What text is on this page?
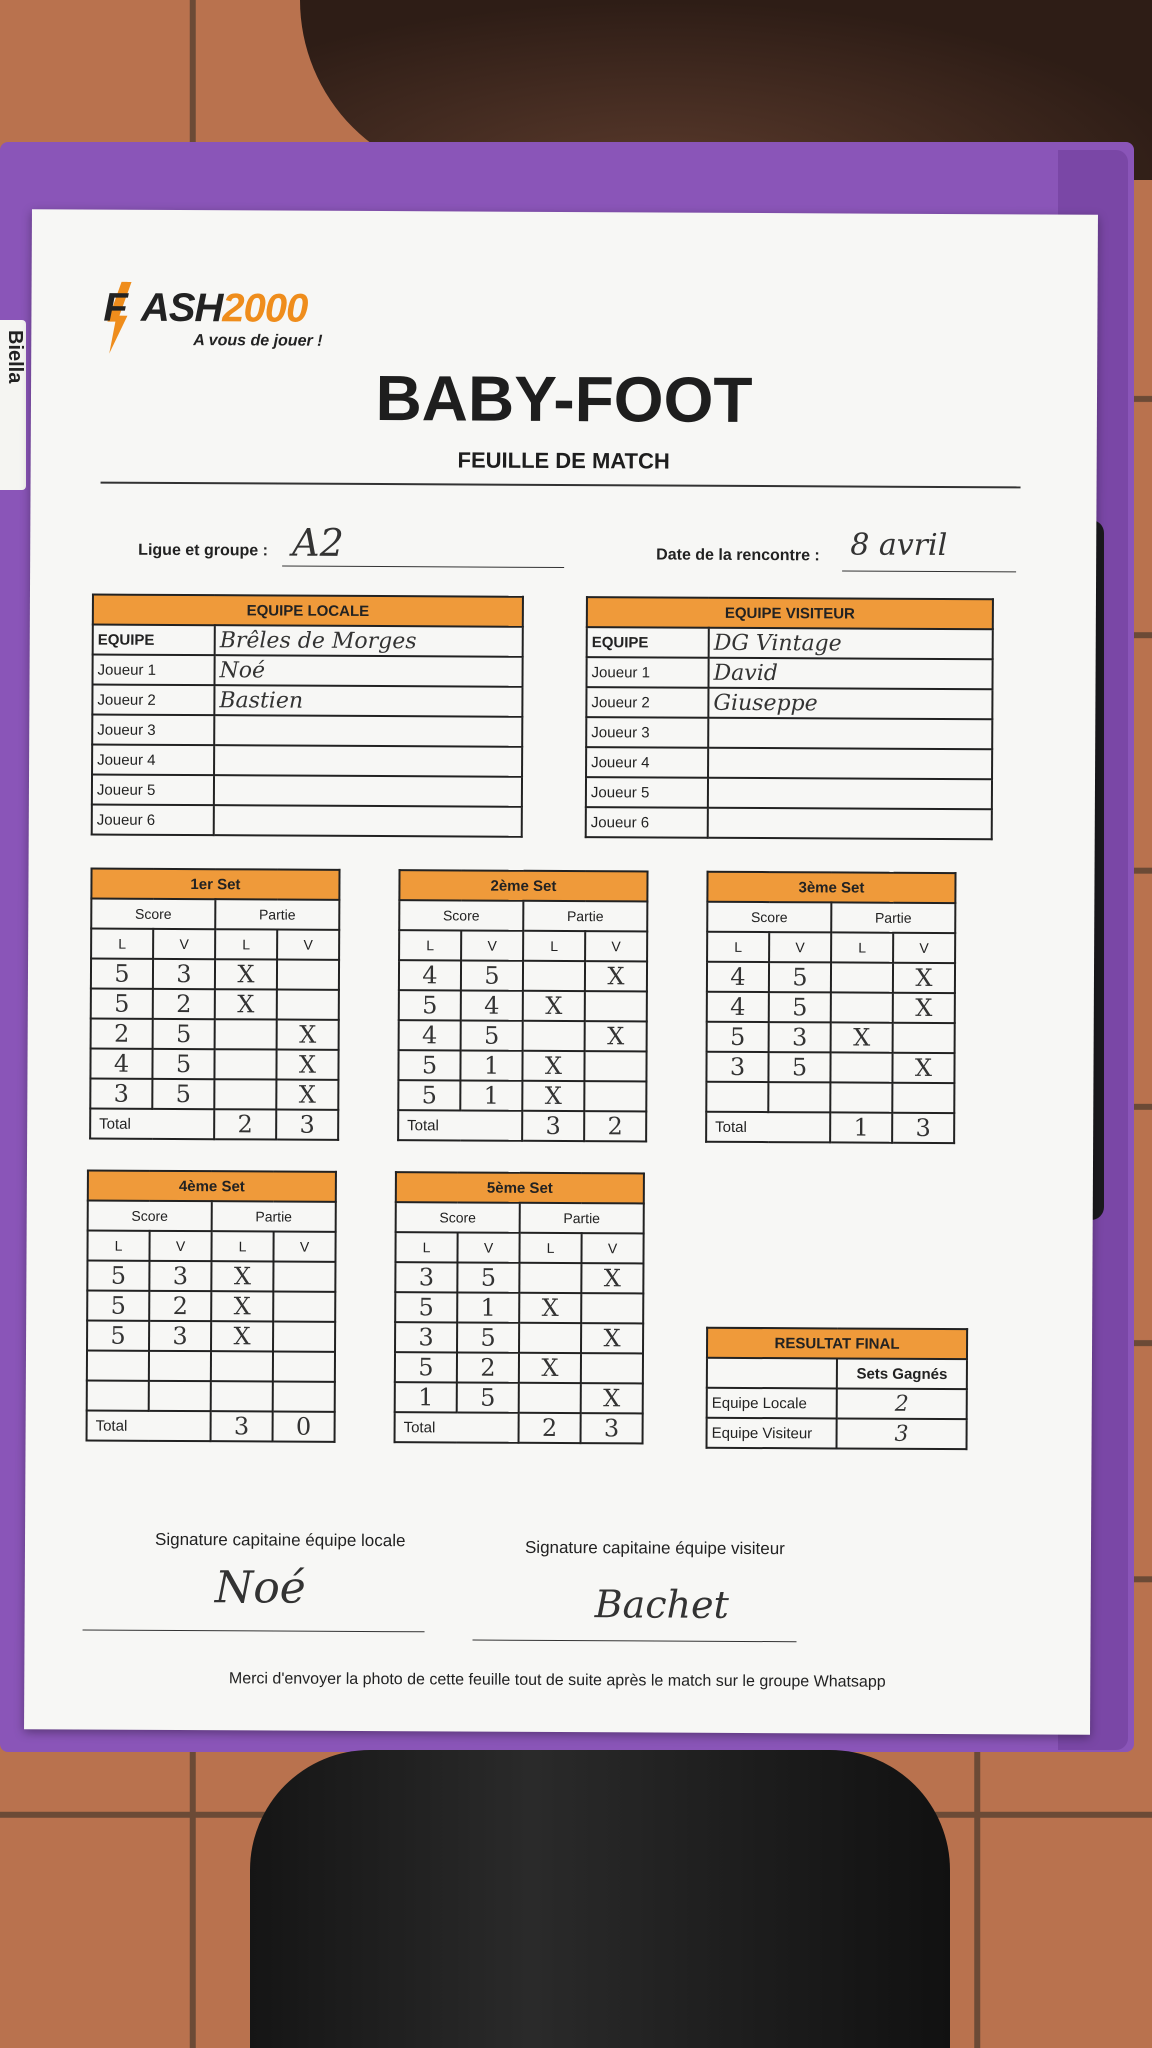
Biella
F ASH2000
A vous de jouer !
BABY-FOOT
FEUILLE DE MATCH
Ligue et groupe : A2	Date de la rencontre : 8 avril
EQUIPE LOCALE	
EQUIPE	Brêles de Morges
Joueur 1	Noé
Joueur 2	Bastien
Joueur 3	
Joueur 4	
Joueur 5	
Joueur 6	
EQUIPE VISITEUR	
EQUIPE	DG Vintage
Joueur 1	David
Joueur 2	Giuseppe
Joueur 3	
Joueur 4	
Joueur 5	
Joueur 6	
1er Set			
Score		Partie	
L	V	L	V
5	3	X	
5	2	X	
2	5		X
4	5		X
3	5		X
Total		2	3
2ème Set			
Score		Partie	
L	V	L	V
4	5		X
5	4	X	
4	5		X
5	1	X	
5	1	X	
Total		3	2
3ème Set			
Score		Partie	
L	V	L	V
4	5		X
4	5		X
5	3	X	
3	5		X

Total		1	3
4ème Set			
Score		Partie	
L	V	L	V
5	3	X	
5	2	X	
5	3	X	

Total		3	0
5ème Set			
Score		Partie	
L	V	L	V
3	5		X
5	1	X	
3	5		X
5	2	X	
1	5		X
Total		2	3
RESULTAT FINAL	
	Sets Gagnés
Equipe Locale	2
Equipe Visiteur	3
Signature capitaine équipe locale
Noé
Signature capitaine équipe visiteur
Bachet
Merci d'envoyer la photo de cette feuille tout de suite après le match sur le groupe Whatsapp
